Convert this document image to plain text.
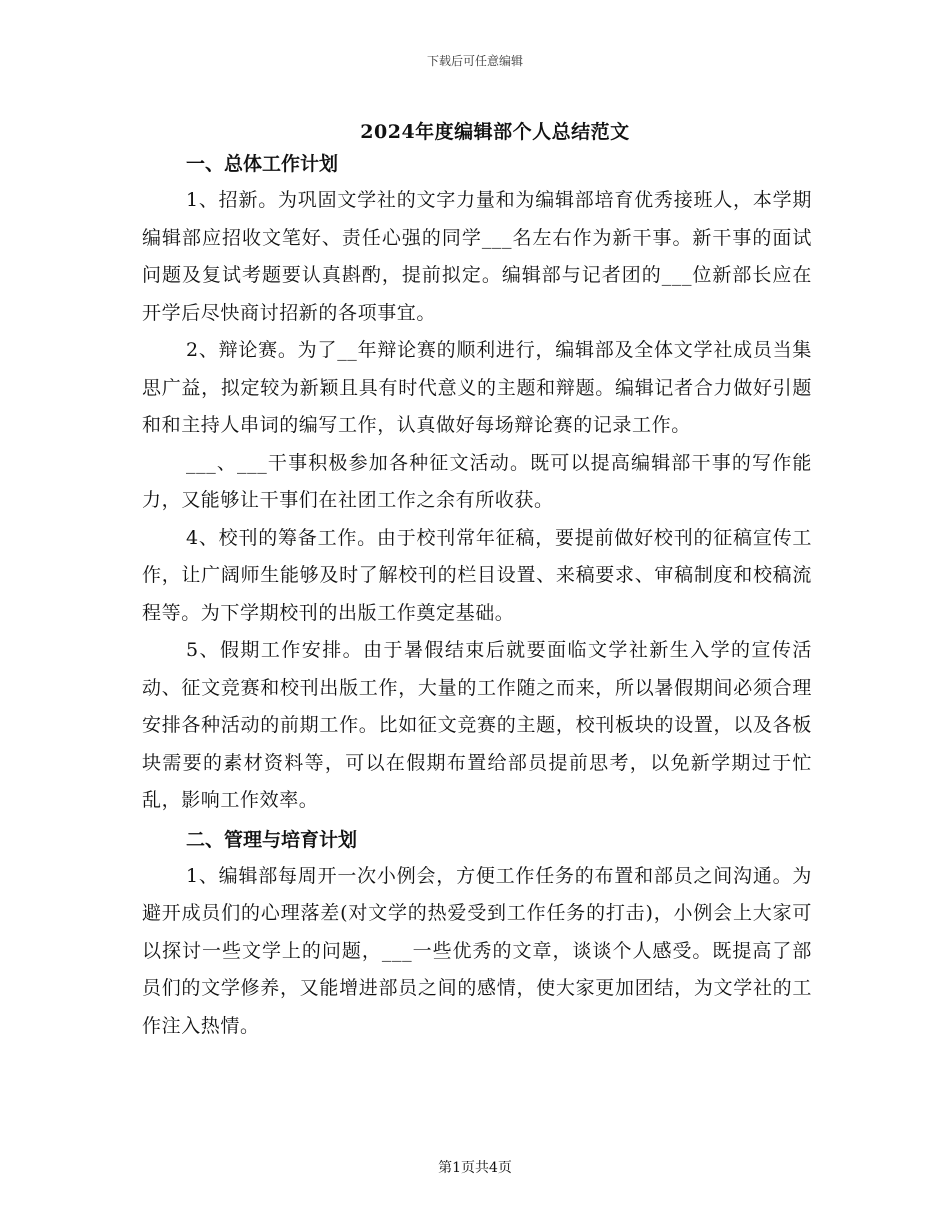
下载后可任意编辑
2024年度编辑部个人总结范文
一、总体工作计划

1、招新。为巩固文学社的文字力量和为编辑部培育优秀接班人，本学期编辑部应招收文笔好、责任心强的同学___名左右作为新干事。新干事的面试问题及复试考题要认真斟酌，提前拟定。编辑部与记者团的___位新部长应在开学后尽快商讨招新的各项事宜。

2、辩论赛。为了__年辩论赛的顺利进行，编辑部及全体文学社成员当集思广益，拟定较为新颖且具有时代意义的主题和辩题。编辑记者合力做好引题和和主持人串词的编写工作，认真做好每场辩论赛的记录工作。

___、___干事积极参加各种征文活动。既可以提高编辑部干事的写作能力，又能够让干事们在社团工作之余有所收获。

4、校刊的筹备工作。由于校刊常年征稿，要提前做好校刊的征稿宣传工作，让广阔师生能够及时了解校刊的栏目设置、来稿要求、审稿制度和校稿流程等。为下学期校刊的出版工作奠定基础。

5、假期工作安排。由于暑假结束后就要面临文学社新生入学的宣传活动、征文竞赛和校刊出版工作，大量的工作随之而来，所以暑假期间必须合理安排各种活动的前期工作。比如征文竞赛的主题，校刊板块的设置，以及各板块需要的素材资料等，可以在假期布置给部员提前思考，以免新学期过于忙乱，影响工作效率。

二、管理与培育计划

1、编辑部每周开一次小例会，方便工作任务的布置和部员之间沟通。为避开成员们的心理落差(对文学的热爱受到工作任务的打击)，小例会上大家可以探讨一些文学上的问题，___一些优秀的文章，谈谈个人感受。既提高了部员们的文学修养，又能增进部员之间的感情，使大家更加团结，为文学社的工作注入热情。

第1页共4页
